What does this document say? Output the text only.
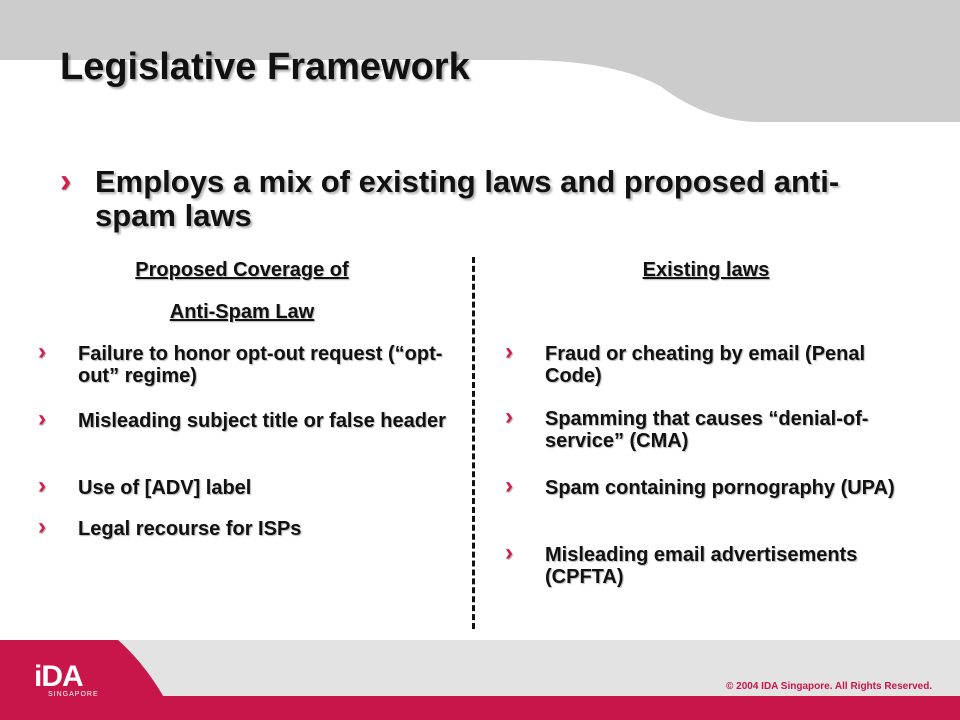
Legislative Framework
› Employs a mix of existing laws and proposed anti-spam laws

Proposed Coverage of
Anti-Spam Law
› Failure to honor opt-out request (“opt-out” regime)
› Misleading subject title or false header
› Use of [ADV] label
› Legal recourse for ISPs
Existing laws
› Fraud or cheating by email (Penal Code)
› Spamming that causes “denial-of-service” (CMA)
› Spam containing pornography (UPA)
› Misleading email advertisements (CPFTA)
iDA
SINGAPORE
© 2004 IDA Singapore. All Rights Reserved.
